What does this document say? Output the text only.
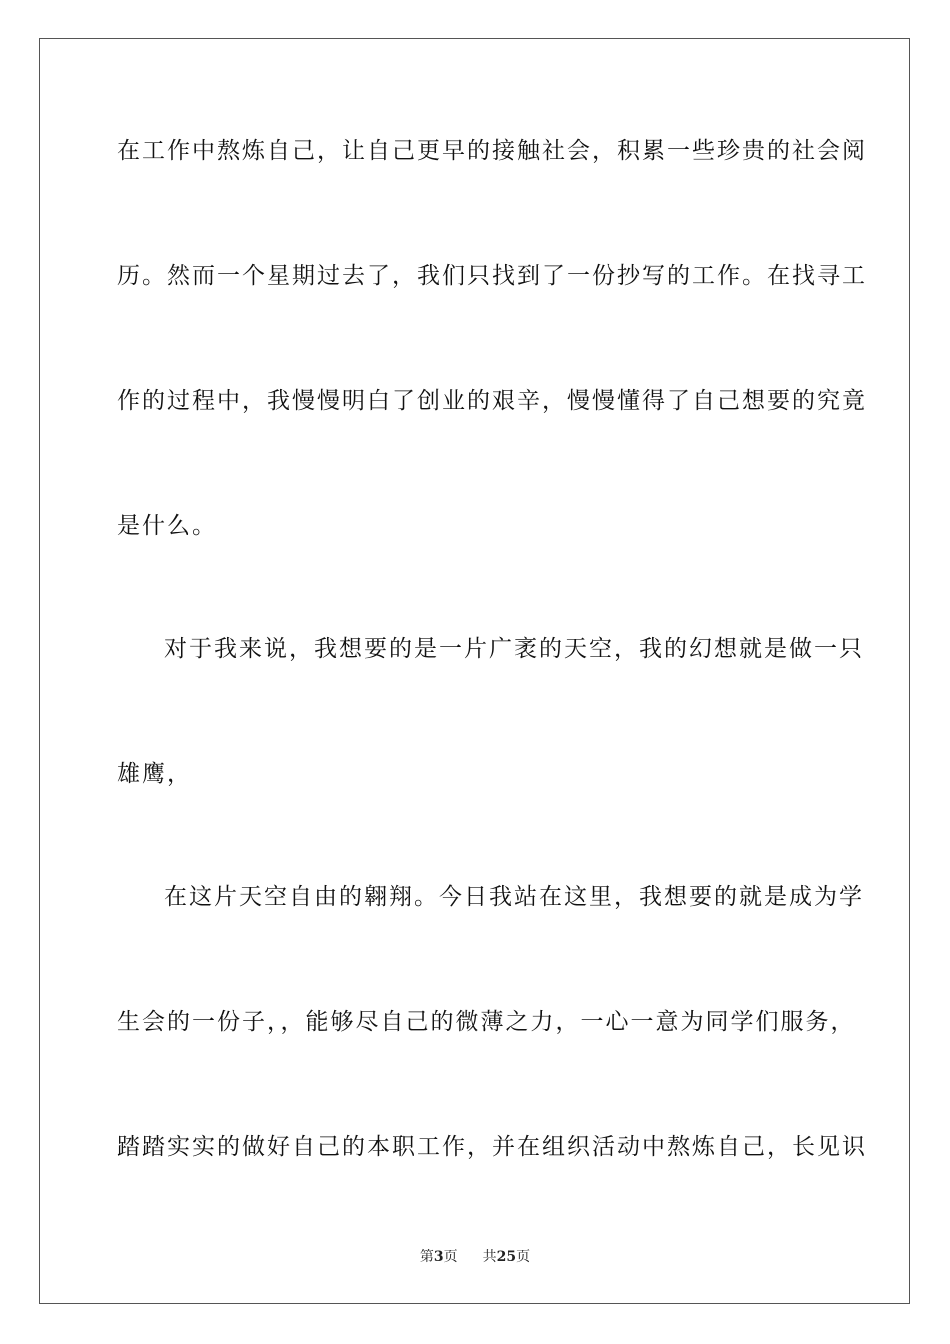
在工作中熬炼自己，让自己更早的接触社会，积累一些珍贵的社会阅
历。然而一个星期过去了，我们只找到了一份抄写的工作。在找寻工
作的过程中，我慢慢明白了创业的艰辛，慢慢懂得了自己想要的究竟
是什么。
对于我来说，我想要的是一片广袤的天空，我的幻想就是做一只
雄鹰，
在这片天空自由的翱翔。今日我站在这里，我想要的就是成为学
生会的一份子，，能够尽自己的微薄之力，一心一意为同学们服务，
踏踏实实的做好自己的本职工作，并在组织活动中熬炼自己，长见识
第3页 共25页
